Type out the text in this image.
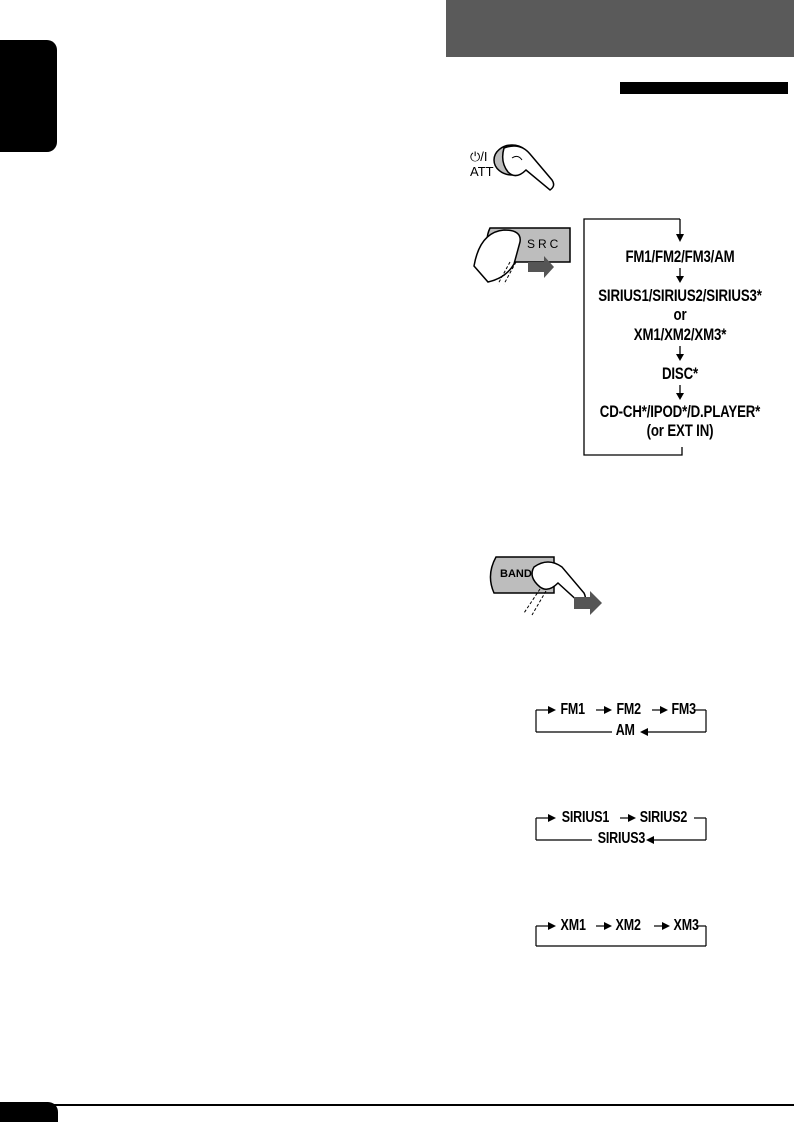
⏻/I
ATT
SRC
FM1/FM2/FM3/AM
SIRIUS1/SIRIUS2/SIRIUS3*
or
XM1/XM2/XM3*
DISC*
CD-CH*/IPOD*/D.PLAYER*
(or EXT IN)
BAND
FM1 FM2 FM3
AM
SIRIUS1 SIRIUS2
SIRIUS3
XM1 XM2 XM3
